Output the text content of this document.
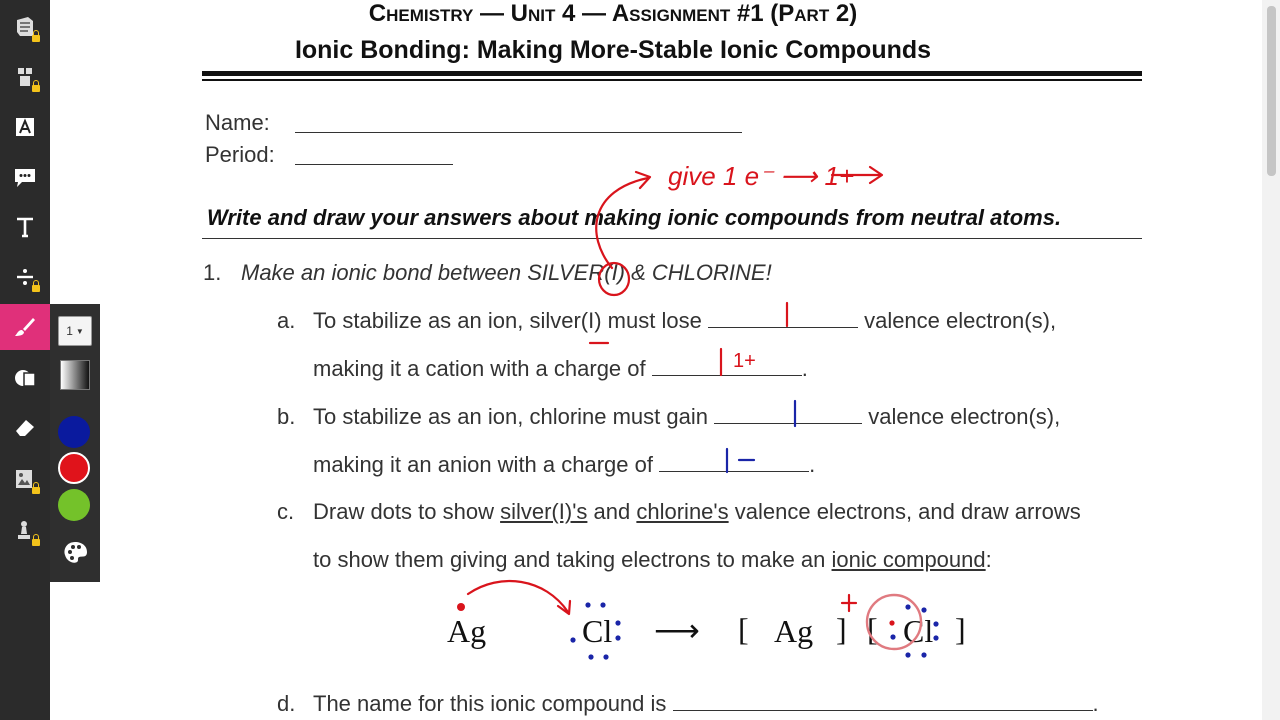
Chemistry — Unit 4 — Assignment #1 (Part 2)
Ionic Bonding: Making More-Stable Ionic Compounds
Name:
Period:
Write and draw your answers about making ionic compounds from neutral atoms.
1. Make an ionic bond between SILVER(I) & CHLORINE!
a. To stabilize as an ion, silver(I) must lose	valence electron(s),
making it a cation with a charge of	.
b. To stabilize as an ion, chlorine must gain	valence electron(s),
making it an anion with a charge of	.
c. Draw dots to show silver(I)'s and chlorine's valence electrons, and draw arrows
to show them giving and taking electrons to make an ionic compound:
Ag	Cl ⟶ [ Ag ] [ Cl ]
d. The name for this ionic compound is	.
give 1 e⁻ ⟶ 1+
1+
1 ▼
